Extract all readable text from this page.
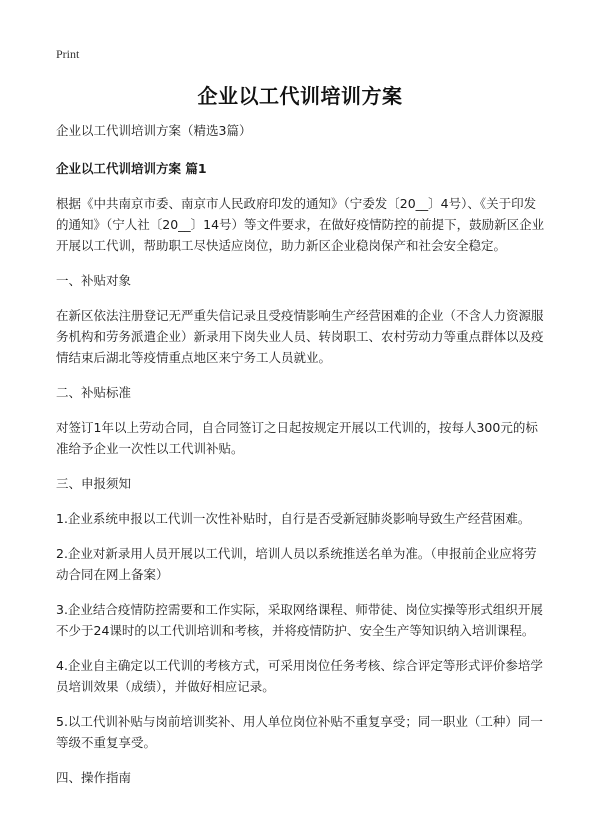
Print
企业以工代训培训方案

企业以工代训培训方案（精选3篇）

企业以工代训培训方案 篇1

根据《中共南京市委、南京市人民政府印发的通知》（宁委发〔20__〕4号）、《关于印发的通知》（宁人社〔20__〕14号）等文件要求，在做好疫情防控的前提下，鼓励新区企业开展以工代训，帮助职工尽快适应岗位，助力新区企业稳岗保产和社会安全稳定。

一、补贴对象

在新区依法注册登记无严重失信记录且受疫情影响生产经营困难的企业（不含人力资源服务机构和劳务派遣企业）新录用下岗失业人员、转岗职工、农村劳动力等重点群体以及疫情结束后湖北等疫情重点地区来宁务工人员就业。

二、补贴标准

对签订1年以上劳动合同，自合同签订之日起按规定开展以工代训的，按每人300元的标准给予企业一次性以工代训补贴。

三、申报须知

1.企业系统申报以工代训一次性补贴时，自行是否受新冠肺炎影响导致生产经营困难。

2.企业对新录用人员开展以工代训，培训人员以系统推送名单为准。（申报前企业应将劳动合同在网上备案）

3.企业结合疫情防控需要和工作实际，采取网络课程、师带徒、岗位实操等形式组织开展不少于24课时的以工代训培训和考核，并将疫情防护、安全生产等知识纳入培训课程。

4.企业自主确定以工代训的考核方式，可采用岗位任务考核、综合评定等形式评价参培学员培训效果（成绩），并做好相应记录。

5.以工代训补贴与岗前培训奖补、用人单位岗位补贴不重复享受；同一职业（工种）同一等级不重复享受。

四、操作指南
